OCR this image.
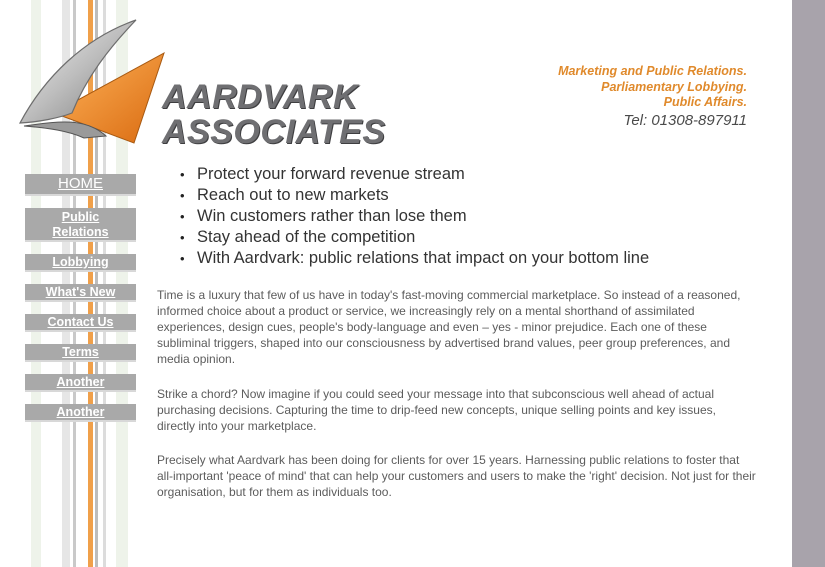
AARDVARK
ASSOCIATES
Marketing and Public Relations.
Parliamentary Lobbying.
Public Affairs.
Tel: 01308-897911
HOME
Public
Relations
Lobbying
What's New
Contact Us
Terms
Another
Another
• Protect your forward revenue stream
• Reach out to new markets
• Win customers rather than lose them
• Stay ahead of the competition
• With Aardvark: public relations that impact on your bottom line

Time is a luxury that few of us have in today's fast-moving commercial marketplace. So instead of a reasoned, informed choice about a product or service, we increasingly rely on a mental shorthand of assimilated experiences, design cues, people's body-language and even – yes - minor prejudice. Each one of these subliminal triggers, shaped into our consciousness by advertised brand values, peer group preferences, and media opinion.

Strike a chord? Now imagine if you could seed your message into that subconscious well ahead of actual purchasing decisions. Capturing the time to drip-feed new concepts, unique selling points and key issues, directly into your marketplace.

Precisely what Aardvark has been doing for clients for over 15 years. Harnessing public relations to foster that all-important 'peace of mind' that can help your customers and users to make the 'right' decision. Not just for their organisation, but for them as individuals too.
